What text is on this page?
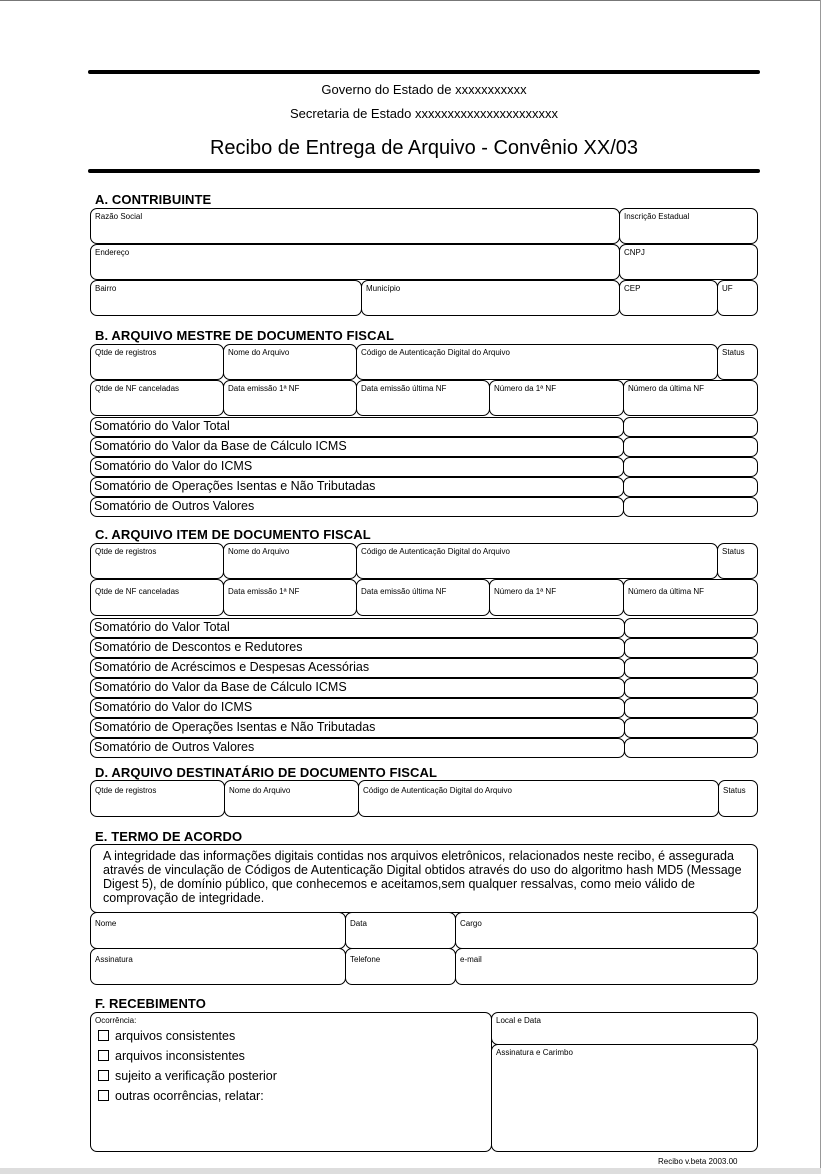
Governo do Estado de xxxxxxxxxxx
Secretaria de Estado xxxxxxxxxxxxxxxxxxxxxx
Recibo de Entrega de Arquivo - Convênio XX/03
A. CONTRIBUINTE
Razão Social	Inscrição Estadual
Endereço	CNPJ
Bairro	Município	CEP	UF
B. ARQUIVO MESTRE DE DOCUMENTO FISCAL
Qtde de registros	Nome do Arquivo	Código de Autenticação Digital do Arquivo	Status
Qtde de NF canceladas	Data emissão 1ª NF	Data emissão última NF	Número da 1ª NF	Número da última NF
Somatório do Valor Total
Somatório do Valor da Base de Cálculo ICMS
Somatório do Valor do ICMS
Somatório de Operações Isentas e Não Tributadas
Somatório de Outros Valores
C. ARQUIVO ITEM DE DOCUMENTO FISCAL
Qtde de registros	Nome do Arquivo	Código de Autenticação Digital do Arquivo	Status
Qtde de NF canceladas	Data emissão 1ª NF	Data emissão última NF	Número da 1ª NF	Número da última NF
Somatório do Valor Total
Somatório de Descontos e Redutores
Somatório de Acréscimos e Despesas Acessórias
Somatório do Valor da Base de Cálculo ICMS
Somatório do Valor do ICMS
Somatório de Operações Isentas e Não Tributadas
Somatório de Outros Valores
D. ARQUIVO DESTINATÁRIO DE DOCUMENTO FISCAL
Qtde de registros	Nome do Arquivo	Código de Autenticação Digital do Arquivo	Status
E. TERMO DE ACORDO
A integridade das informações digitais contidas nos arquivos eletrônicos, relacionados neste recibo, é assegurada através de vinculação de Códigos de Autenticação Digital obtidos através do uso do algoritmo hash MD5 (Message Digest 5), de domínio público, que conhecemos e aceitamos,sem qualquer ressalvas, como meio válido de comprovação de integridade.
Nome	Data	Cargo
Assinatura	Telefone	e-mail
F. RECEBIMENTO
Ocorrência:
arquivos consistentes
arquivos inconsistentes
sujeito a verificação posterior
outras ocorrências, relatar:
Local e Data
Assinatura e Carimbo
Recibo v.beta 2003.00
